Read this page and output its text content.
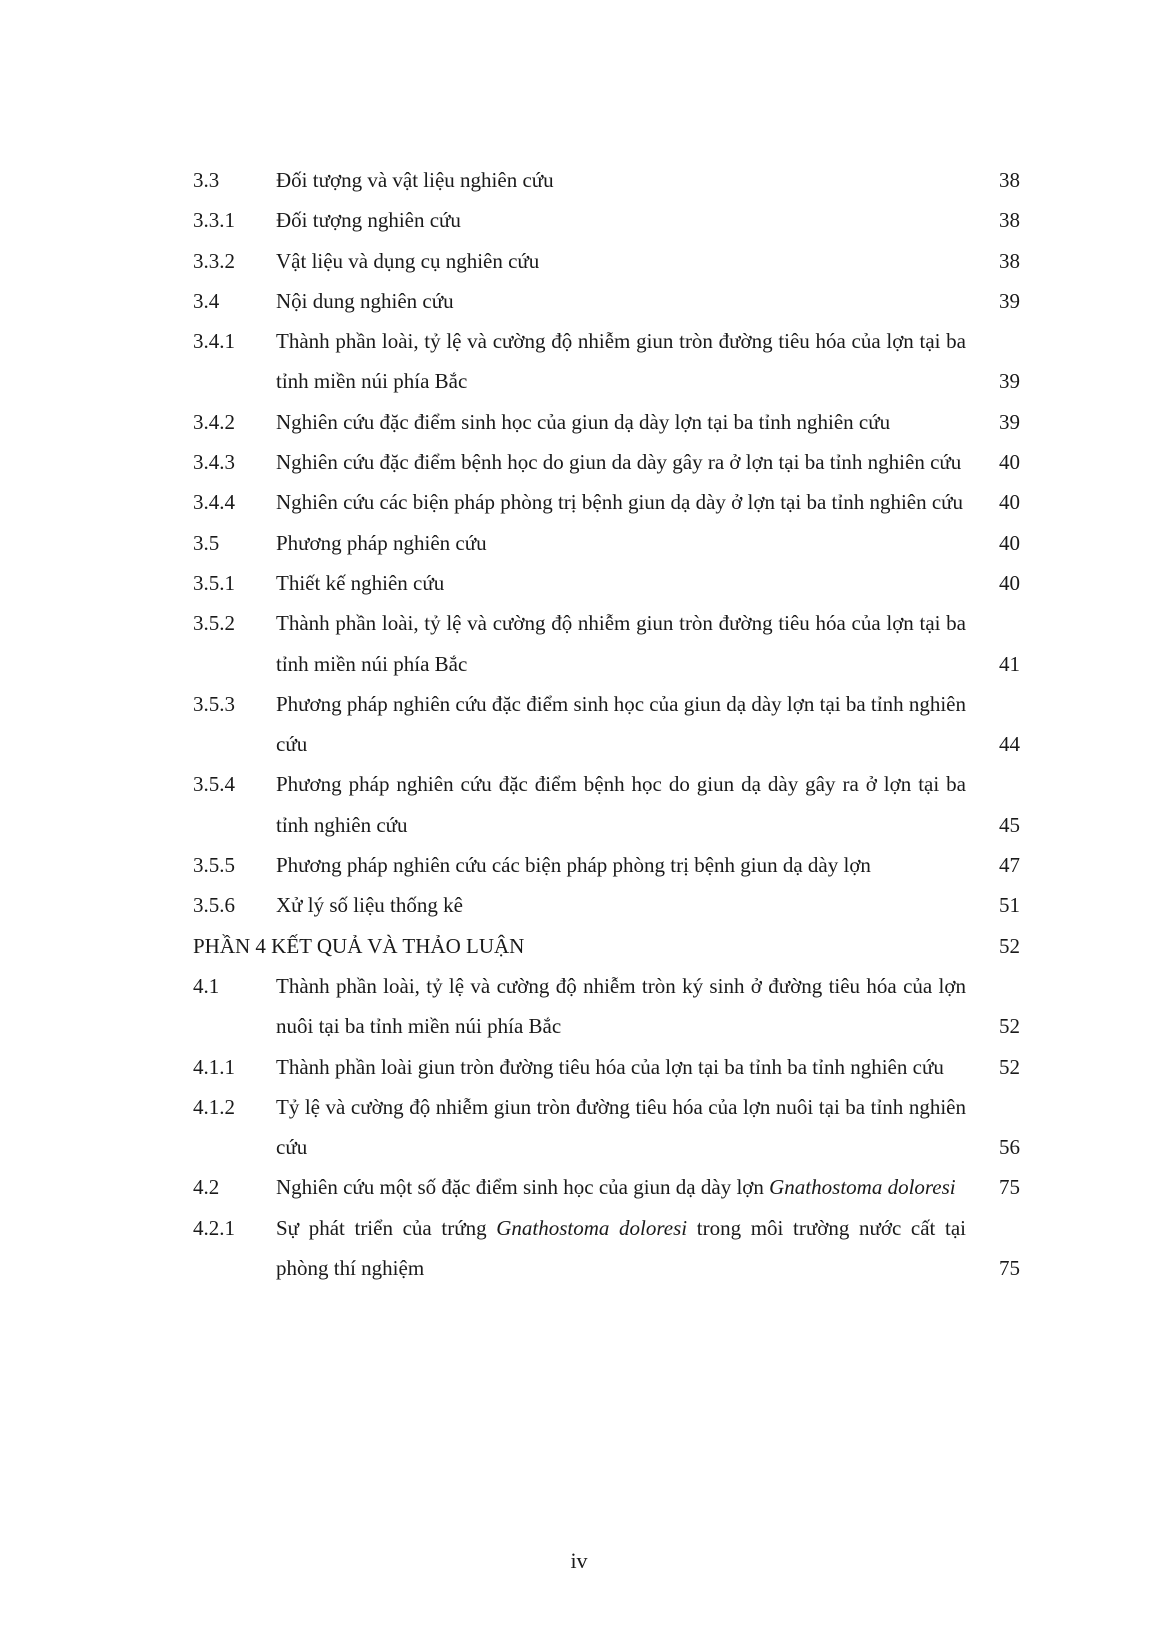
3.3	Đối tượng và vật liệu nghiên cứu	38
3.3.1 Đối tượng nghiên cứu	38
3.3.2 Vật liệu và dụng cụ nghiên cứu	38
3.4	Nội dung nghiên cứu	39
3.4.1 Thành phần loài, tỷ lệ và cường độ nhiễm giun tròn đường tiêu hóa của lợn tại ba tỉnh miền núi phía Bắc	39
3.4.2 Nghiên cứu đặc điểm sinh học của giun dạ dày lợn tại ba tỉnh nghiên cứu	39
3.4.3 Nghiên cứu đặc điểm bệnh học do giun da dày gây ra ở lợn tại ba tỉnh nghiên cứu 40
3.4.4 Nghiên cứu các biện pháp phòng trị bệnh giun dạ dày ở lợn tại ba tỉnh nghiên cứu 40
3.5	Phương pháp nghiên cứu	40
3.5.1 Thiết kế nghiên cứu	40
3.5.2 Thành phần loài, tỷ lệ và cường độ nhiễm giun tròn đường tiêu hóa của lợn tại ba tỉnh miền núi phía Bắc	41
3.5.3 Phương pháp nghiên cứu đặc điểm sinh học của giun dạ dày lợn tại ba tỉnh nghiên cứu	44
3.5.4 Phương pháp nghiên cứu đặc điểm bệnh học do giun dạ dày gây ra ở lợn tại ba tỉnh nghiên cứu	45
3.5.5 Phương pháp nghiên cứu các biện pháp phòng trị bệnh giun dạ dày lợn	47
3.5.6 Xử lý số liệu thống kê	51
PHẦN 4 KẾT QUẢ VÀ THẢO LUẬN	52
4.1	Thành phần loài, tỷ lệ và cường độ nhiễm tròn ký sinh ở đường tiêu hóa của lợn nuôi tại ba tỉnh miền núi phía Bắc	52
4.1.1 Thành phần loài giun tròn đường tiêu hóa của lợn tại ba tỉnh ba tỉnh nghiên cứu	52
4.1.2 Tỷ lệ và cường độ nhiễm giun tròn đường tiêu hóa của lợn nuôi tại ba tỉnh nghiên cứu	56
4.2	Nghiên cứu một số đặc điểm sinh học của giun dạ dày lợn Gnathostoma doloresi	75
4.2.1 Sự phát triển của trứng Gnathostoma doloresi trong môi trường nước cất tại phòng thí nghiệm	75
iv
